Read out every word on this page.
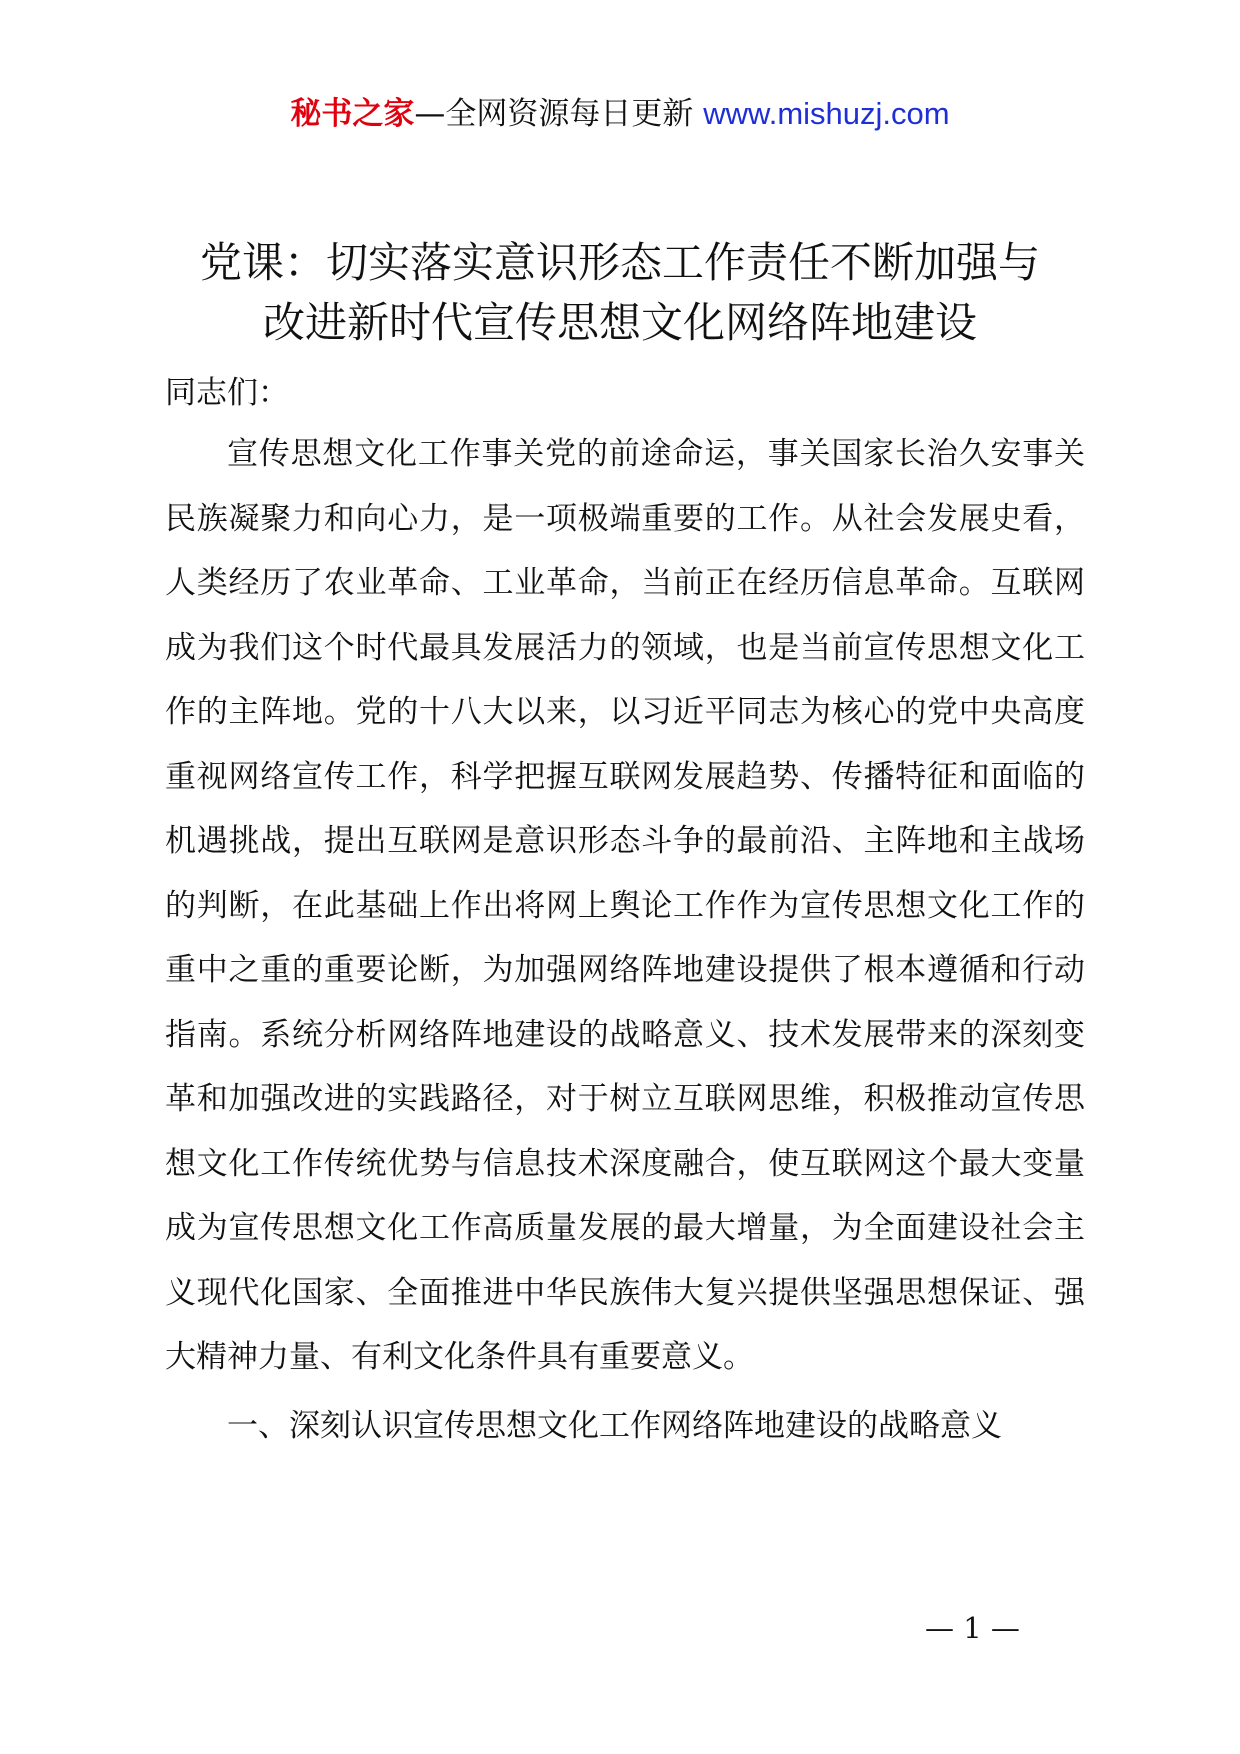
秘书之家—全网资源每日更新 www.mishuzj.com
党课：切实落实意识形态工作责任不断加强与
改进新时代宣传思想文化网络阵地建设

同志们：

宣传思想文化工作事关党的前途命运，事关国家长治久安事关民族凝聚力和向心力，是一项极端重要的工作。从社会发展史看，人类经历了农业革命、工业革命，当前正在经历信息革命。互联网成为我们这个时代最具发展活力的领域，也是当前宣传思想文化工作的主阵地。党的十八大以来，以习近平同志为核心的党中央高度重视网络宣传工作，科学把握互联网发展趋势、传播特征和面临的机遇挑战，提出互联网是意识形态斗争的最前沿、主阵地和主战场的判断，在此基础上作出将网上舆论工作作为宣传思想文化工作的重中之重的重要论断，为加强网络阵地建设提供了根本遵循和行动指南。系统分析网络阵地建设的战略意义、技术发展带来的深刻变革和加强改进的实践路径，对于树立互联网思维，积极推动宣传思想文化工作传统优势与信息技术深度融合，使互联网这个最大变量成为宣传思想文化工作高质量发展的最大增量，为全面建设社会主义现代化国家、全面推进中华民族伟大复兴提供坚强思想保证、强大精神力量、有利文化条件具有重要意义。

一、深刻认识宣传思想文化工作网络阵地建设的战略意义

— 1 —
